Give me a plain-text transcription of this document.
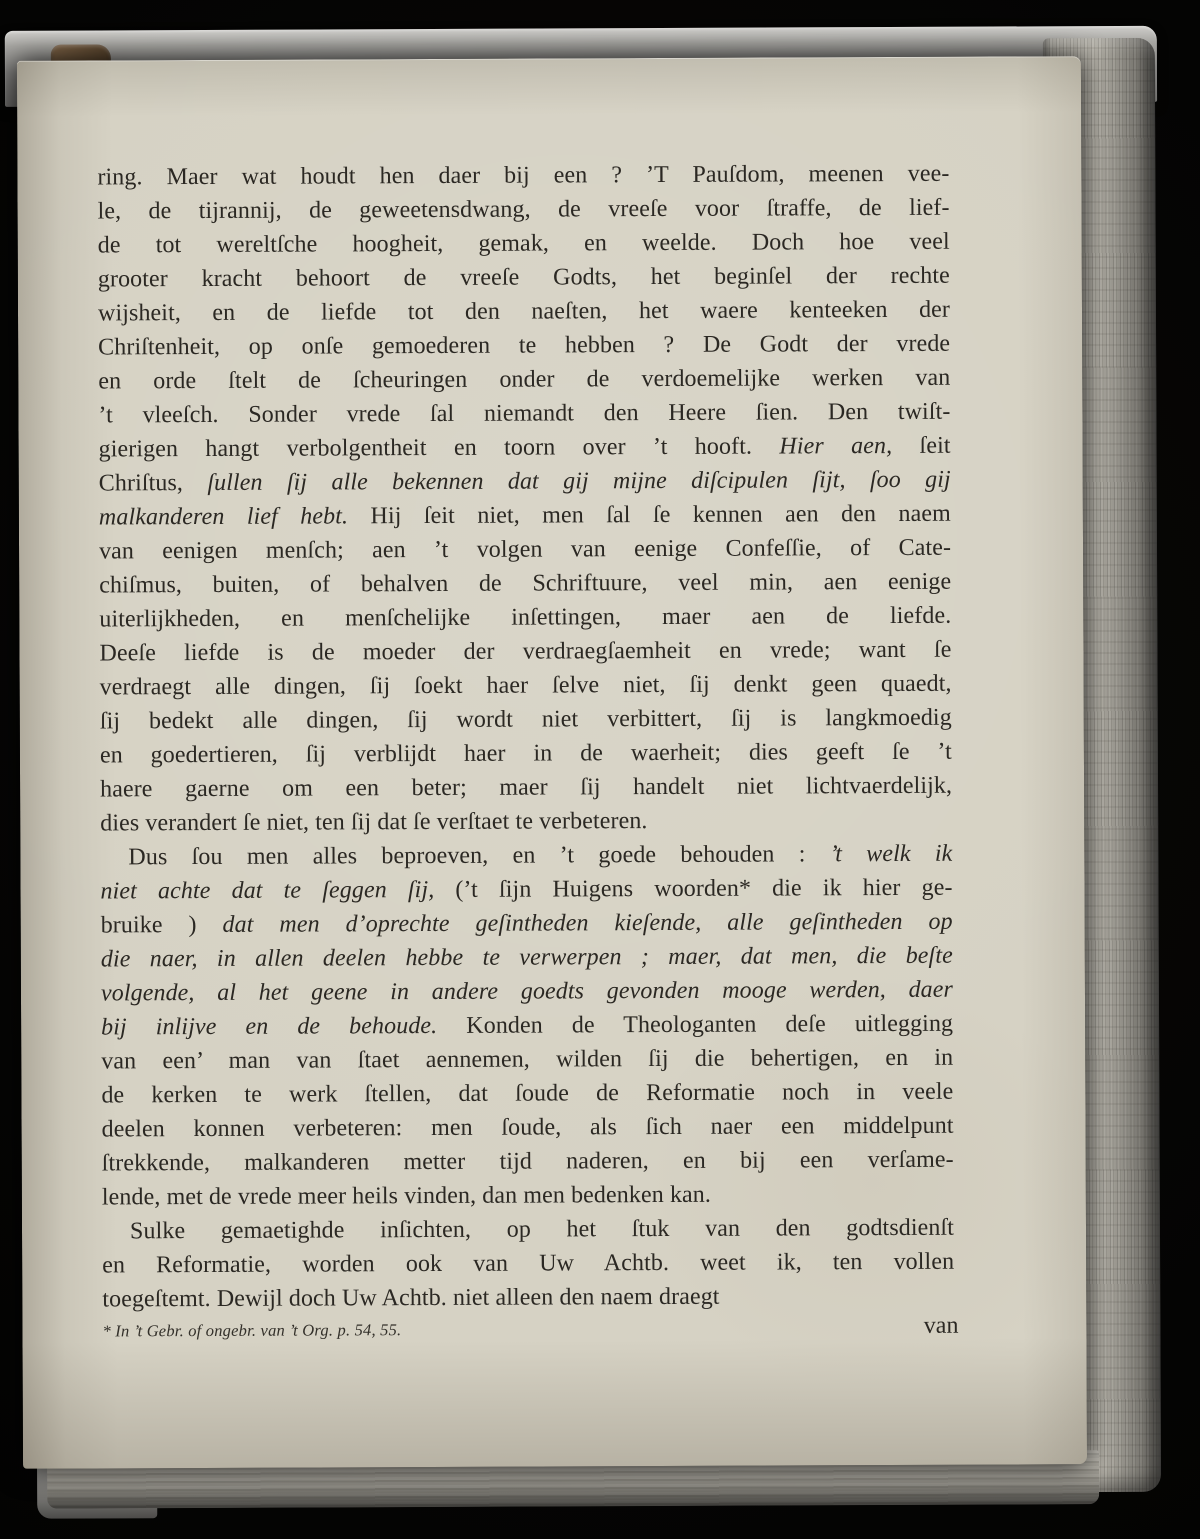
ring. Maer wat houdt hen daer bij een ? ’T Pauſdom, meenen vee-
le, de tijrannij, de geweetensdwang, de vreeſe voor ſtraffe, de lief-
de tot wereltſche hoogheit, gemak, en weelde. Doch hoe veel
grooter kracht behoort de vreeſe Godts, het beginſel der rechte
wijsheit, en de liefde tot den naeſten, het waere kenteeken der
Chriſtenheit, op onſe gemoederen te hebben ? De Godt der vrede
en orde ſtelt de ſcheuringen onder de verdoemelijke werken van
’t vleeſch. Sonder vrede ſal niemandt den Heere ſien. Den twiſt-
gierigen hangt verbolgentheit en toorn over ’t hooft. Hier aen, ſeit
Chriſtus, ſullen ſij alle bekennen dat gij mijne diſcipulen ſijt, ſoo gij
malkanderen lief hebt. Hij ſeit niet, men ſal ſe kennen aen den naem
van eenigen menſch; aen ’t volgen van eenige Confeſſie, of Cate-
chiſmus, buiten, of behalven de Schriftuure, veel min, aen eenige
uiterlijkheden, en menſchelijke inſettingen, maer aen de liefde.
Deeſe liefde is de moeder der verdraegſaemheit en vrede; want ſe
verdraegt alle dingen, ſij ſoekt haer ſelve niet, ſij denkt geen quaedt,
ſij bedekt alle dingen, ſij wordt niet verbittert, ſij is langkmoedig
en goedertieren, ſij verblijdt haer in de waerheit; dies geeft ſe ’t
haere gaerne om een beter; maer ſij handelt niet lichtvaerdelijk,
dies verandert ſe niet, ten ſij dat ſe verſtaet te verbeteren.
Dus ſou men alles beproeven, en ’t goede behouden : ’t welk ik
niet achte dat te ſeggen ſij, (’t ſijn Huigens woorden* die ik hier ge-
bruike ) dat men d’oprechte geſintheden kieſende, alle geſintheden op
die naer, in allen deelen hebbe te verwerpen ; maer, dat men, die beſte
volgende, al het geene in andere goedts gevonden mooge werden, daer
bij inlijve en de behoude. Konden de Theologanten deſe uitlegging
van een’ man van ſtaet aennemen, wilden ſij die behertigen, en in
de kerken te werk ſtellen, dat ſoude de Reformatie noch in veele
deelen konnen verbeteren: men ſoude, als ſich naer een middelpunt
ſtrekkende, malkanderen metter tijd naderen, en bij een verſame-
lende, met de vrede meer heils vinden, dan men bedenken kan.
Sulke gemaetighde inſichten, op het ſtuk van den godtsdienſt
en Reformatie, worden ook van Uw Achtb. weet ik, ten vollen
toegeſtemt. Dewijl doch Uw Achtb. niet alleen den naem draegt
* In ’t Gebr. of ongebr. van ’t Org. p. 54, 55.	van
